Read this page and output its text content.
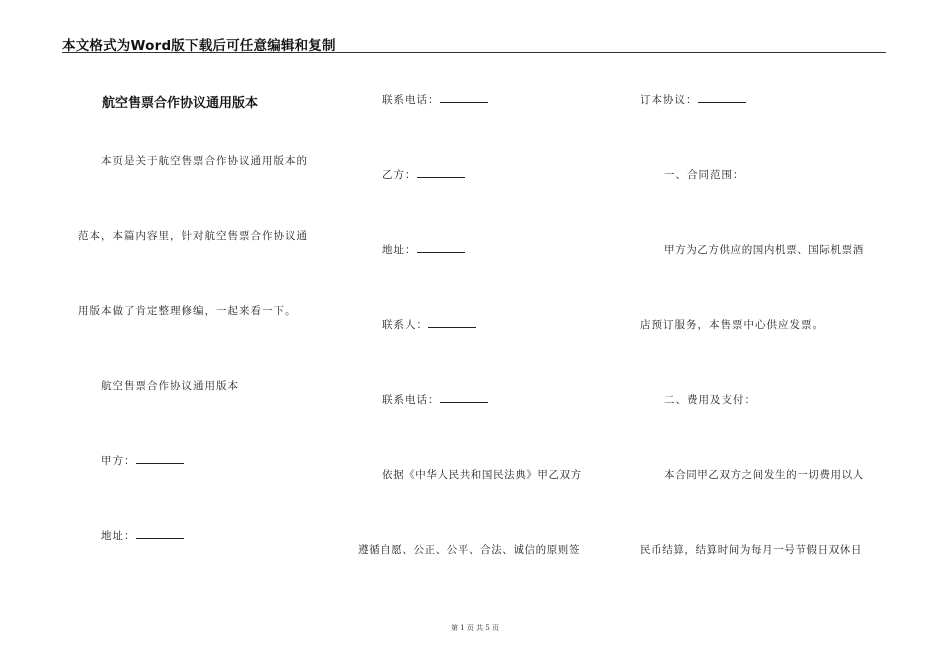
本文格式为Word版下载后可任意编辑和复制
航空售票合作协议通用版本
本页是关于航空售票合作协议通用版本的
范本，本篇内容里，针对航空售票合作协议通
用版本做了肯定整理修编，一起来看一下。
航空售票合作协议通用版本
甲方：
地址：
联系电话：
乙方：
地址：
联系人：
联系电话：
依据《中华人民共和国民法典》甲乙双方
遵循自愿、公正、公平、合法、诚信的原则签
订本协议：
一、合同范围：
甲方为乙方供应的国内机票、国际机票酒
店预订服务，本售票中心供应发票。
二、费用及支付：
本合同甲乙双方之间发生的一切费用以人
民币结算，结算时间为每月一号节假日双休日
第 1 页 共 5 页
